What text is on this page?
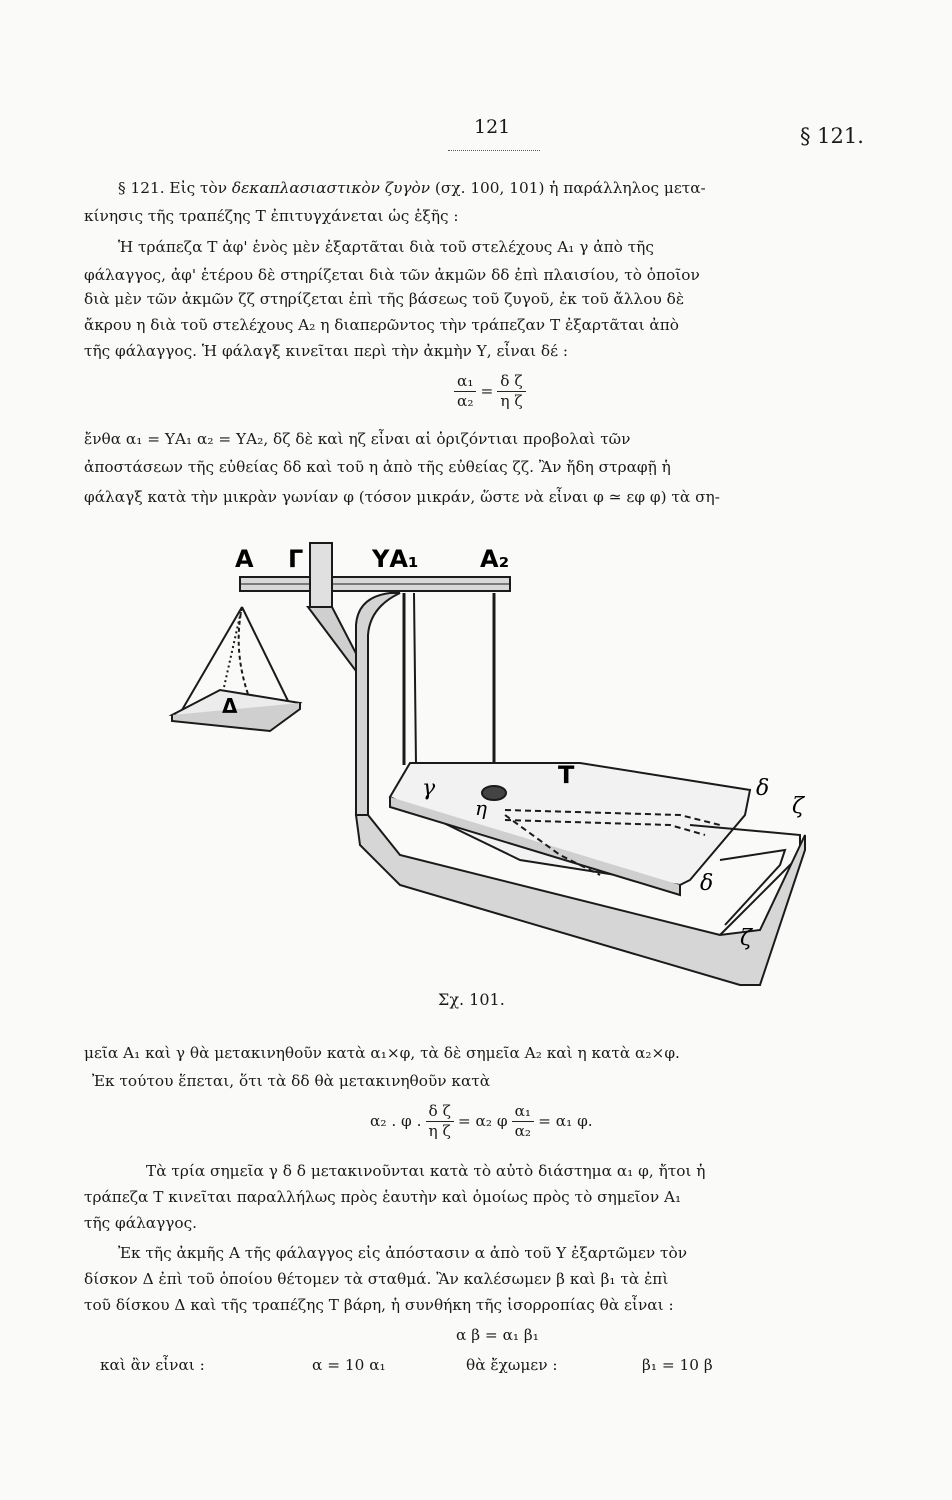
121	§ 121.
§ 121. Εἰς τὸν δεκαπλασιαστικὸν ζυγὸν (σχ. 100, 101) ἡ παράλληλος μετα-
κίνησις τῆς τραπέζης Τ ἐπιτυγχάνεται ὡς ἑξῆς :
Ἡ τράπεζα Τ ἀφ' ἑνὸς μὲν ἐξαρτᾶται διὰ τοῦ στελέχους Α₁ γ ἀπὸ τῆς
φάλαγγος, ἀφ' ἑτέρου δὲ στηρίζεται διὰ τῶν ἀκμῶν δδ ἐπὶ πλαισίου, τὸ ὁποῖον
διὰ μὲν τῶν ἀκμῶν ζζ στηρίζεται ἐπὶ τῆς βάσεως τοῦ ζυγοῦ, ἐκ τοῦ ἄλλου δὲ
ἄκρου η διὰ τοῦ στελέχους Α₂ η διαπερῶντος τὴν τράπεζαν Τ ἐξαρτᾶται ἀπὸ
τῆς φάλαγγος. Ἡ φάλαγξ κινεῖται περὶ τὴν ἀκμὴν Υ, εἶναι δέ :
$\frac{\text{α₁}}{\text{α₂}} = \frac{\text{δ ζ}}{\text{η ζ}}$
ἔνθα α₁ = ΥΑ₁ α₂ = ΥΑ₂, δζ δὲ καὶ ηζ εἶναι αἱ ὁριζόντιαι προβολαὶ τῶν
ἀποστάσεων τῆς εὐθείας δδ καὶ τοῦ η ἀπὸ τῆς εὐθείας ζζ. Ἂν ἤδη στραφῇ ἡ
φάλαγξ κατὰ τὴν μικρὰν γωνίαν φ (τόσον μικράν, ὥστε νὰ εἶναι φ ≃ εφ φ) τὰ ση-
Α Γ	ΥΑ₁	Α₂
Δ
Τ
γ
η
δ
ζ
δ
ζ
Σχ. 101.
μεῖα Α₁ καὶ γ θὰ μετακινηθοῦν κατὰ α₁×φ, τὰ δὲ σημεῖα Α₂ καὶ η κατὰ α₂×φ.
Ἐκ τούτου ἕπεται, ὅτι τὰ δδ θὰ μετακινηθοῦν κατὰ
α₂ . φ . $\frac{\text{δ ζ}}{\text{η ζ}} = \alpha_2$ φ $\frac{\text{α₁}}{\text{α₂}} = \alpha_1$ φ.
Τὰ τρία σημεῖα γ δ δ μετακινοῦνται κατὰ τὸ αὐτὸ διάστημα α₁ φ, ἤτοι ἡ
τράπεζα Τ κινεῖται παραλλήλως πρὸς ἑαυτὴν καὶ ὁμοίως πρὸς τὸ σημεῖον Α₁
τῆς φάλαγγος.
Ἐκ τῆς ἀκμῆς Α τῆς φάλαγγος εἰς ἀπόστασιν α ἀπὸ τοῦ Υ ἐξαρτῶμεν τὸν
δίσκον Δ ἐπὶ τοῦ ὁποίου θέτομεν τὰ σταθμά. Ἂν καλέσωμεν β καὶ β₁ τὰ ἐπὶ
τοῦ δίσκου Δ καὶ τῆς τραπέζης Τ βάρη, ἡ συνθήκη τῆς ἰσορροπίας θὰ εἶναι :
α β = α₁ β₁
καὶ ἂν εἶναι :	α = 10 α₁	θὰ ἔχωμεν :	β₁ = 10 β
